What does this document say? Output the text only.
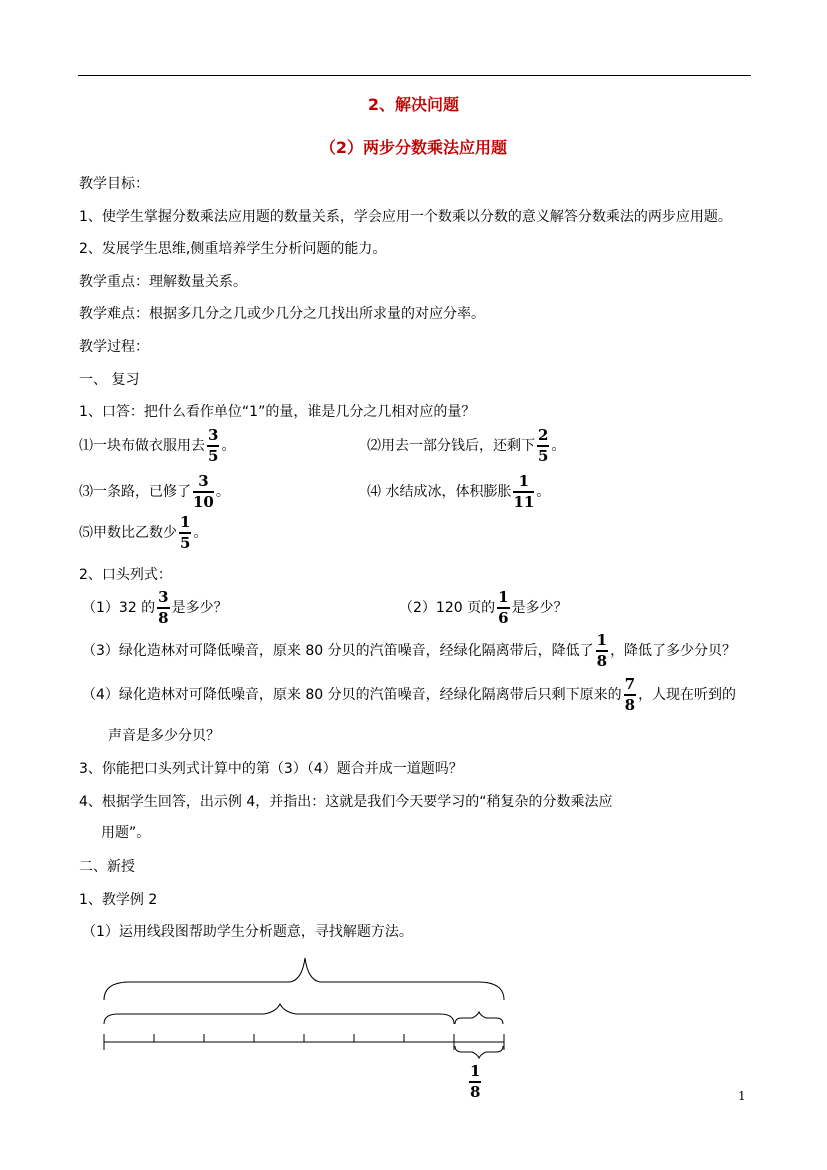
2、解决问题
（2）两步分数乘法应用题
教学目标：
1、使学生掌握分数乘法应用题的数量关系，学会应用一个数乘以分数的意义解答分数乘法的两步应用题。
2、发展学生思维,侧重培养学生分析问题的能力。
教学重点：理解数量关系。
教学难点：根据多几分之几或少几分之几找出所求量的对应分率。
教学过程：
一、 复习
1、口答：把什么看作单位“1”的量，谁是几分之几相对应的量？
⑴一块布做衣服用去 $\frac{3}{5}$ 。	⑵用去一部分钱后，还剩下 $\frac{2}{5}$ 。
⑶一条路，已修了 $\frac{3}{10}$ 。	⑷ 水结成冰，体积膨胀 $\frac{1}{11}$ 。
⑸甲数比乙数少 $\frac{1}{5}$ 。
2、口头列式：
（1）32 的 $\frac{3}{8}$ 是多少？	（2）120 页的 $\frac{1}{6}$ 是多少？
（3）绿化造林对可降低噪音，原来 80 分贝的汽笛噪音，经绿化隔离带后，降低了 $\frac{1}{8}$ ，降低了多少分贝？
（4）绿化造林对可降低噪音，原来 80 分贝的汽笛噪音，经绿化隔离带后只剩下原来的 $\frac{7}{8}$ ，人现在听到的
声音是多少分贝？
3、你能把口头列式计算中的第（3）（4）题合并成一道题吗？
4、根据学生回答，出示例 4，并指出：这就是我们今天要学习的“稍复杂的分数乘法应
用题”。
二、新授
1、教学例 2
（1）运用线段图帮助学生分析题意，寻找解题方法。
$\frac{1}{8}$	1
